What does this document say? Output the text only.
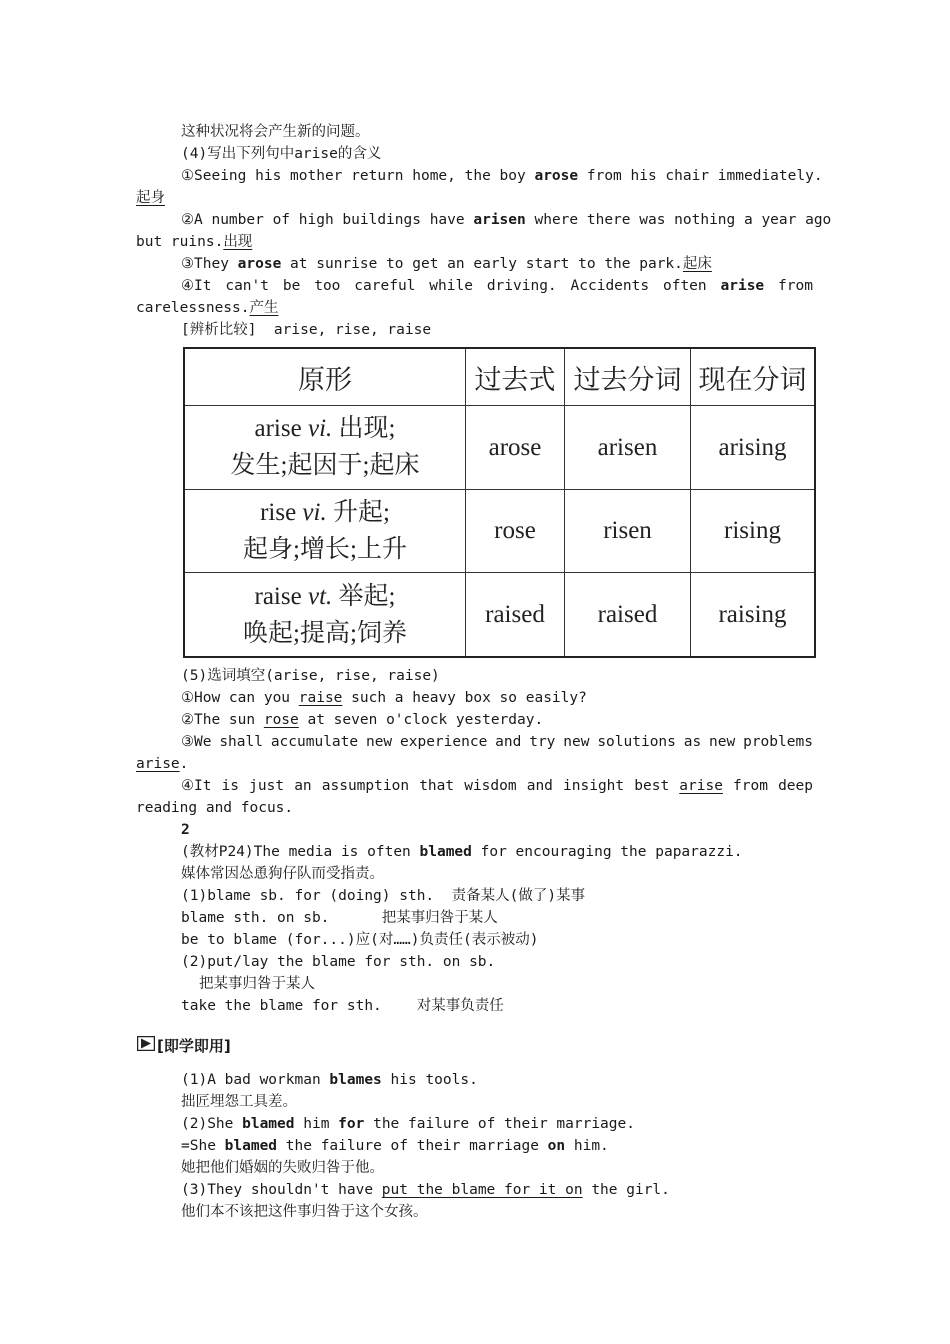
这种状况将会产生新的问题。
(4)写出下列句中arise的含义
①Seeing his mother return home, the boy arose from his chair immediately.
起身
②A number of high buildings have arisen where there was nothing a year ago
but ruins.出现
③They arose at sunrise to get an early start to the park.起床
④It can't be too careful while driving. Accidents often arise from
carelessness.产生
[辨析比较]  arise, rise, raise
原形	过去式	过去分词	现在分词
arise vi. 出现;
发生;起因于;起床	arose	arisen	arising
rise vi. 升起;
起身;增长;上升	rose	risen	rising
raise vt. 举起;
唤起;提高;饲养	raised	raised	raising
(5)选词填空(arise, rise, raise)
①How can you raise such a heavy box so easily?
②The sun rose at seven o'clock yesterday.
③We shall accumulate new experience and try new solutions as new problems
arise.
④It is just an assumption that wisdom and insight best arise from deep
reading and focus.
2
(教材P24)The media is often blamed for encouraging the paparazzi.
媒体常因怂恿狗仔队而受指责。
(1)blame sb. for (doing) sth.  责备某人(做了)某事
blame sth. on sb.      把某事归咎于某人
be to blame (for...)应(对……)负责任(表示被动)
(2)put/lay the blame for sth. on sb.
把某事归咎于某人
take the blame for sth.    对某事负责任
[即学即用]
(1)A bad workman blames his tools.
拙匠埋怨工具差。
(2)She blamed him for the failure of their marriage.
=She blamed the failure of their marriage on him.
她把他们婚姻的失败归咎于他。
(3)They shouldn't have put the blame for it on the girl.
他们本不该把这件事归咎于这个女孩。
